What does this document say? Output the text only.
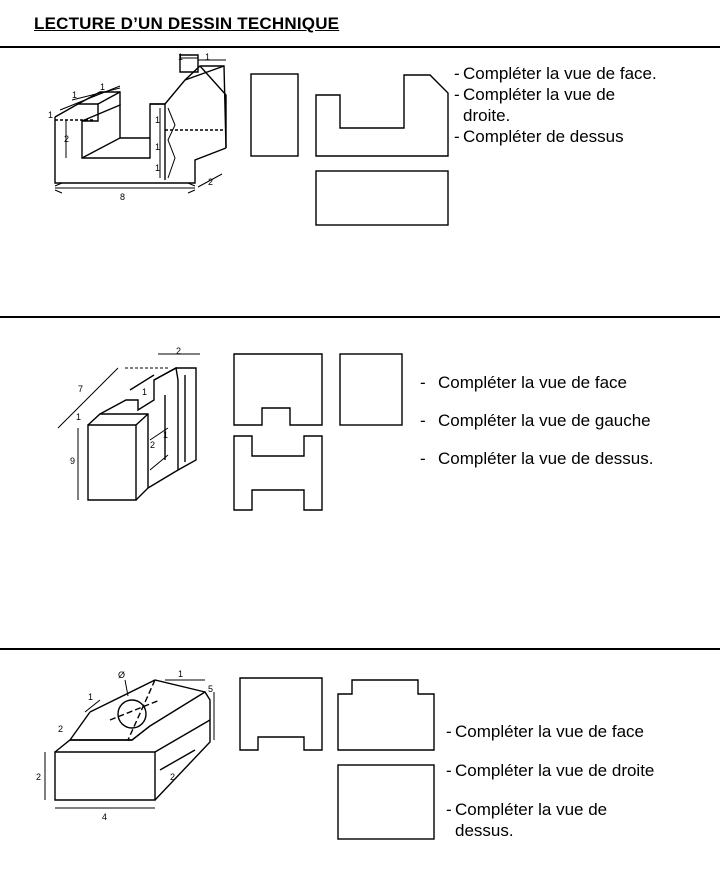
LECTURE D’UN DESSIN TECHNIQUE
8
2
1
1
1
2
1 1
1
1
1
2
7
1
9
2
1
1
Ø	1
1
2
2
4
2
5
- Compléter la vue de face.
- Compléter la vue de droite.
- Compléter de dessus
- Compléter la vue de face
- Compléter la vue de gauche
- Compléter la vue de dessus.
- Compléter la vue de face
- Compléter la vue de droite
- Compléter la vue de dessus.
